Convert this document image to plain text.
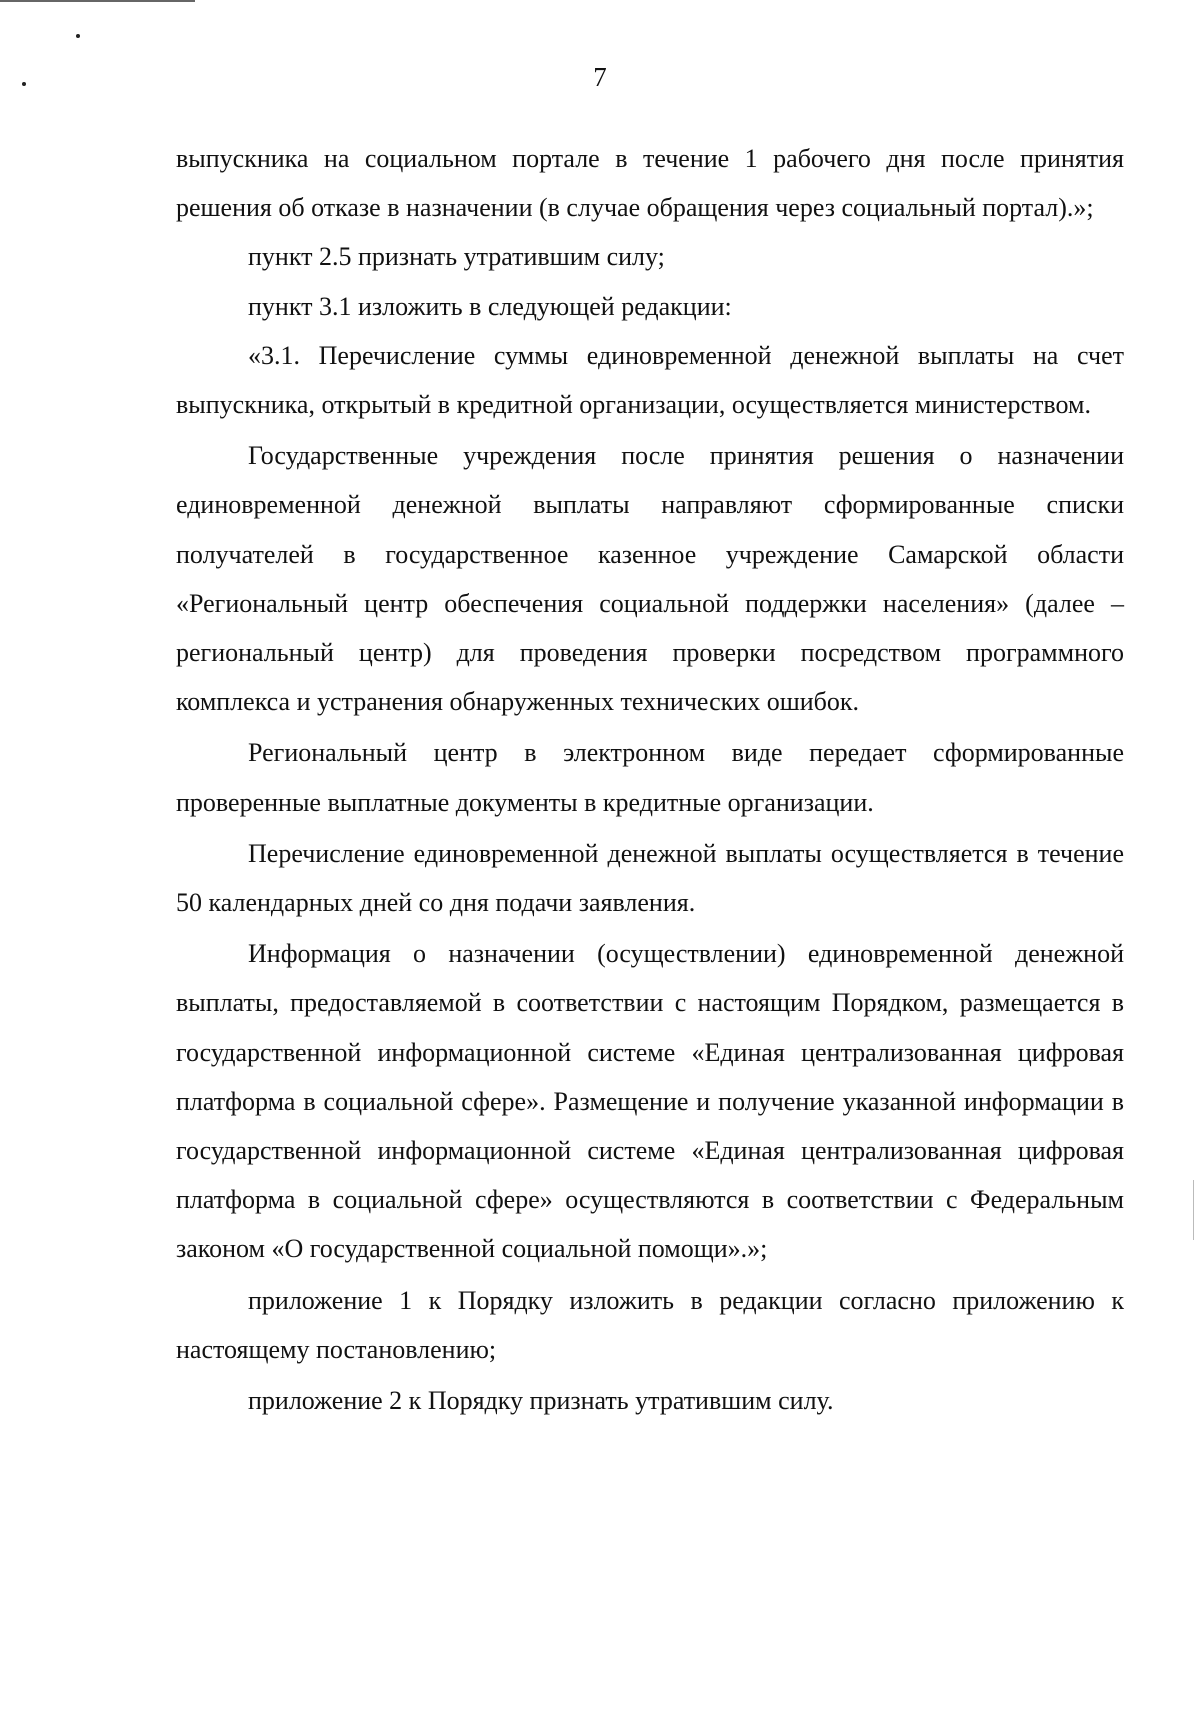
7

выпускника на социальном портале в течение 1 рабочего дня после принятия решения об отказе в назначении (в случае обращения через социальный портал).»;

пункт 2.5 признать утратившим силу;

пункт 3.1 изложить в следующей редакции:

«3.1. Перечисление суммы единовременной денежной выплаты на счет выпускника, открытый в кредитной организации, осуществляется министерством.

Государственные учреждения после принятия решения о назначении единовременной денежной выплаты направляют сформированные списки получателей в государственное казенное учреждение Самарской области «Региональный центр обеспечения социальной поддержки населения» (далее – региональный центр) для проведения проверки посредством программного комплекса и устранения обнаруженных технических ошибок.

Региональный центр в электронном виде передает сформированные проверенные выплатные документы в кредитные организации.

Перечисление единовременной денежной выплаты осуществляется в течение 50 календарных дней со дня подачи заявления.

Информация о назначении (осуществлении) единовременной денежной выплаты, предоставляемой в соответствии с настоящим Порядком, размещается в государственной информационной системе «Единая централизованная цифровая платформа в социальной сфере». Размещение и получение указанной информации в государственной информационной системе «Единая централизованная цифровая платформа в социальной сфере» осуществляются в соответствии с Федеральным законом «О государственной социальной помощи».»;

приложение 1 к Порядку изложить в редакции согласно приложению к настоящему постановлению;

приложение 2 к Порядку признать утратившим силу.
